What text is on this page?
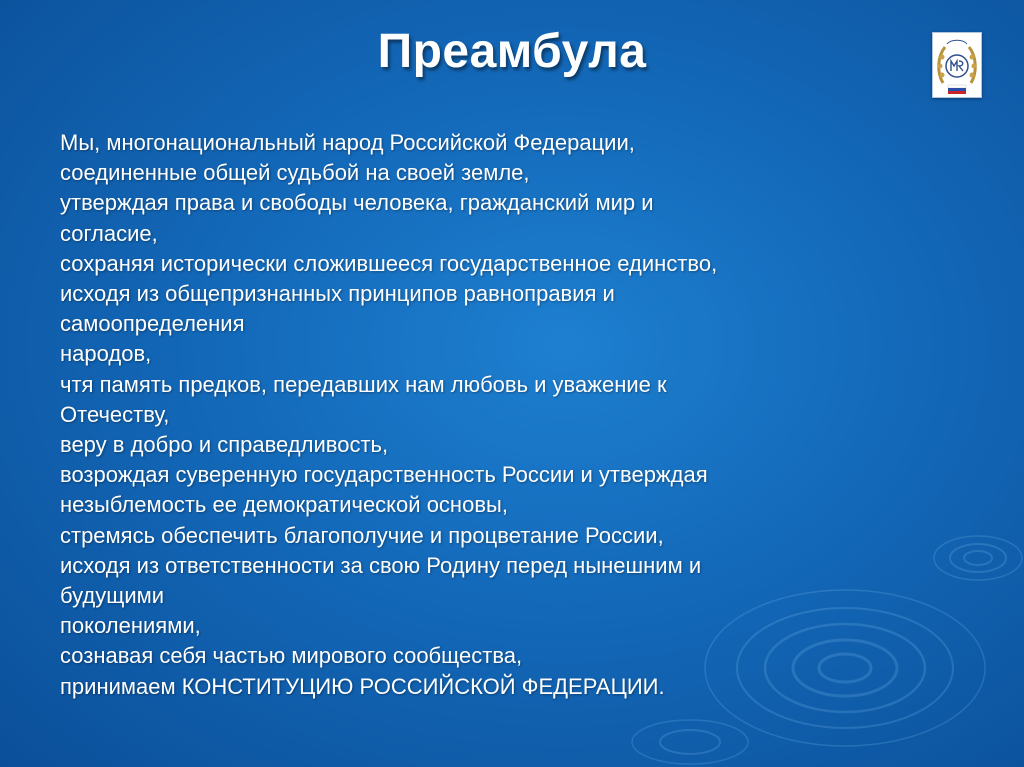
Преамбула
Мы, многонациональный народ Российской Федерации,
соединенные общей судьбой на своей земле,
утверждая права и свободы человека, гражданский мир и
согласие,
сохраняя исторически сложившееся государственное единство,
исходя из общепризнанных принципов равноправия и
самоопределения
народов,
чтя память предков, передавших нам любовь и уважение к
Отечеству,
веру в добро и справедливость,
возрождая суверенную государственность России и утверждая
незыблемость ее демократической основы,
стремясь обеспечить благополучие и процветание России,
исходя из ответственности за свою Родину перед нынешним и
будущими
поколениями,
сознавая себя частью мирового сообщества,
принимаем КОНСТИТУЦИЮ РОССИЙСКОЙ ФЕДЕРАЦИИ.
